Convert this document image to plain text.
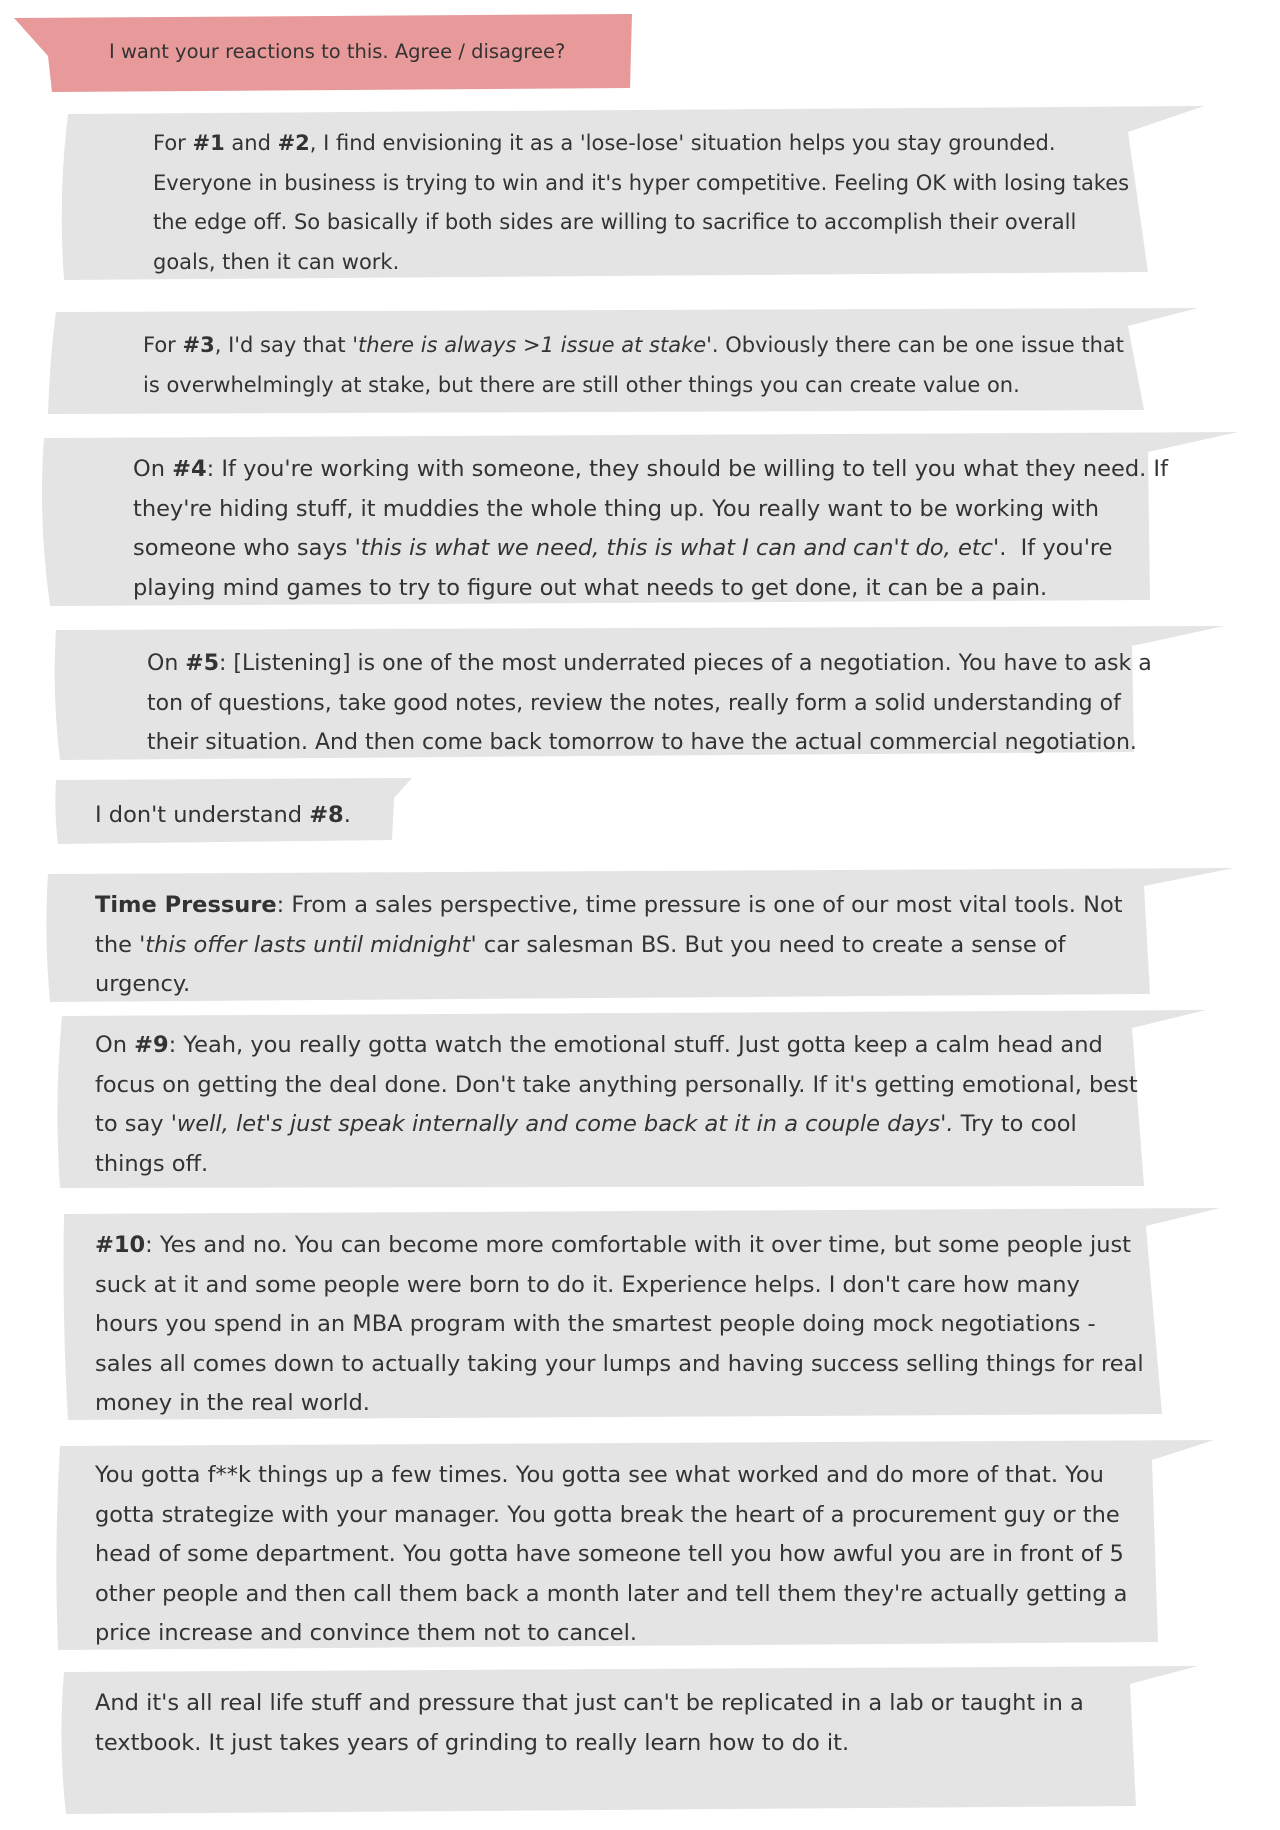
I want your reactions to this. Agree / disagree?
For #1 and #2, I find envisioning it as a 'lose-lose' situation helps you stay grounded.
Everyone in business is trying to win and it's hyper competitive. Feeling OK with losing takes
the edge off. So basically if both sides are willing to sacrifice to accomplish their overall
goals, then it can work.
For #3, I'd say that 'there is always >1 issue at stake'. Obviously there can be one issue that
is overwhelmingly at stake, but there are still other things you can create value on.
On #4: If you're working with someone, they should be willing to tell you what they need. If
they're hiding stuff, it muddies the whole thing up. You really want to be working with
someone who says 'this is what we need, this is what I can and can't do, etc'.  If you're
playing mind games to try to figure out what needs to get done, it can be a pain.
On #5: [Listening] is one of the most underrated pieces of a negotiation. You have to ask a
ton of questions, take good notes, review the notes, really form a solid understanding of
their situation. And then come back tomorrow to have the actual commercial negotiation.
I don't understand #8.
Time Pressure: From a sales perspective, time pressure is one of our most vital tools. Not
the 'this offer lasts until midnight' car salesman BS. But you need to create a sense of
urgency.
On #9: Yeah, you really gotta watch the emotional stuff. Just gotta keep a calm head and
focus on getting the deal done. Don't take anything personally. If it's getting emotional, best
to say 'well, let's just speak internally and come back at it in a couple days'. Try to cool
things off.
#10: Yes and no. You can become more comfortable with it over time, but some people just
suck at it and some people were born to do it. Experience helps. I don't care how many
hours you spend in an MBA program with the smartest people doing mock negotiations -
sales all comes down to actually taking your lumps and having success selling things for real
money in the real world.
You gotta f**k things up a few times. You gotta see what worked and do more of that. You
gotta strategize with your manager. You gotta break the heart of a procurement guy or the
head of some department. You gotta have someone tell you how awful you are in front of 5
other people and then call them back a month later and tell them they're actually getting a
price increase and convince them not to cancel.
And it's all real life stuff and pressure that just can't be replicated in a lab or taught in a
textbook. It just takes years of grinding to really learn how to do it.
